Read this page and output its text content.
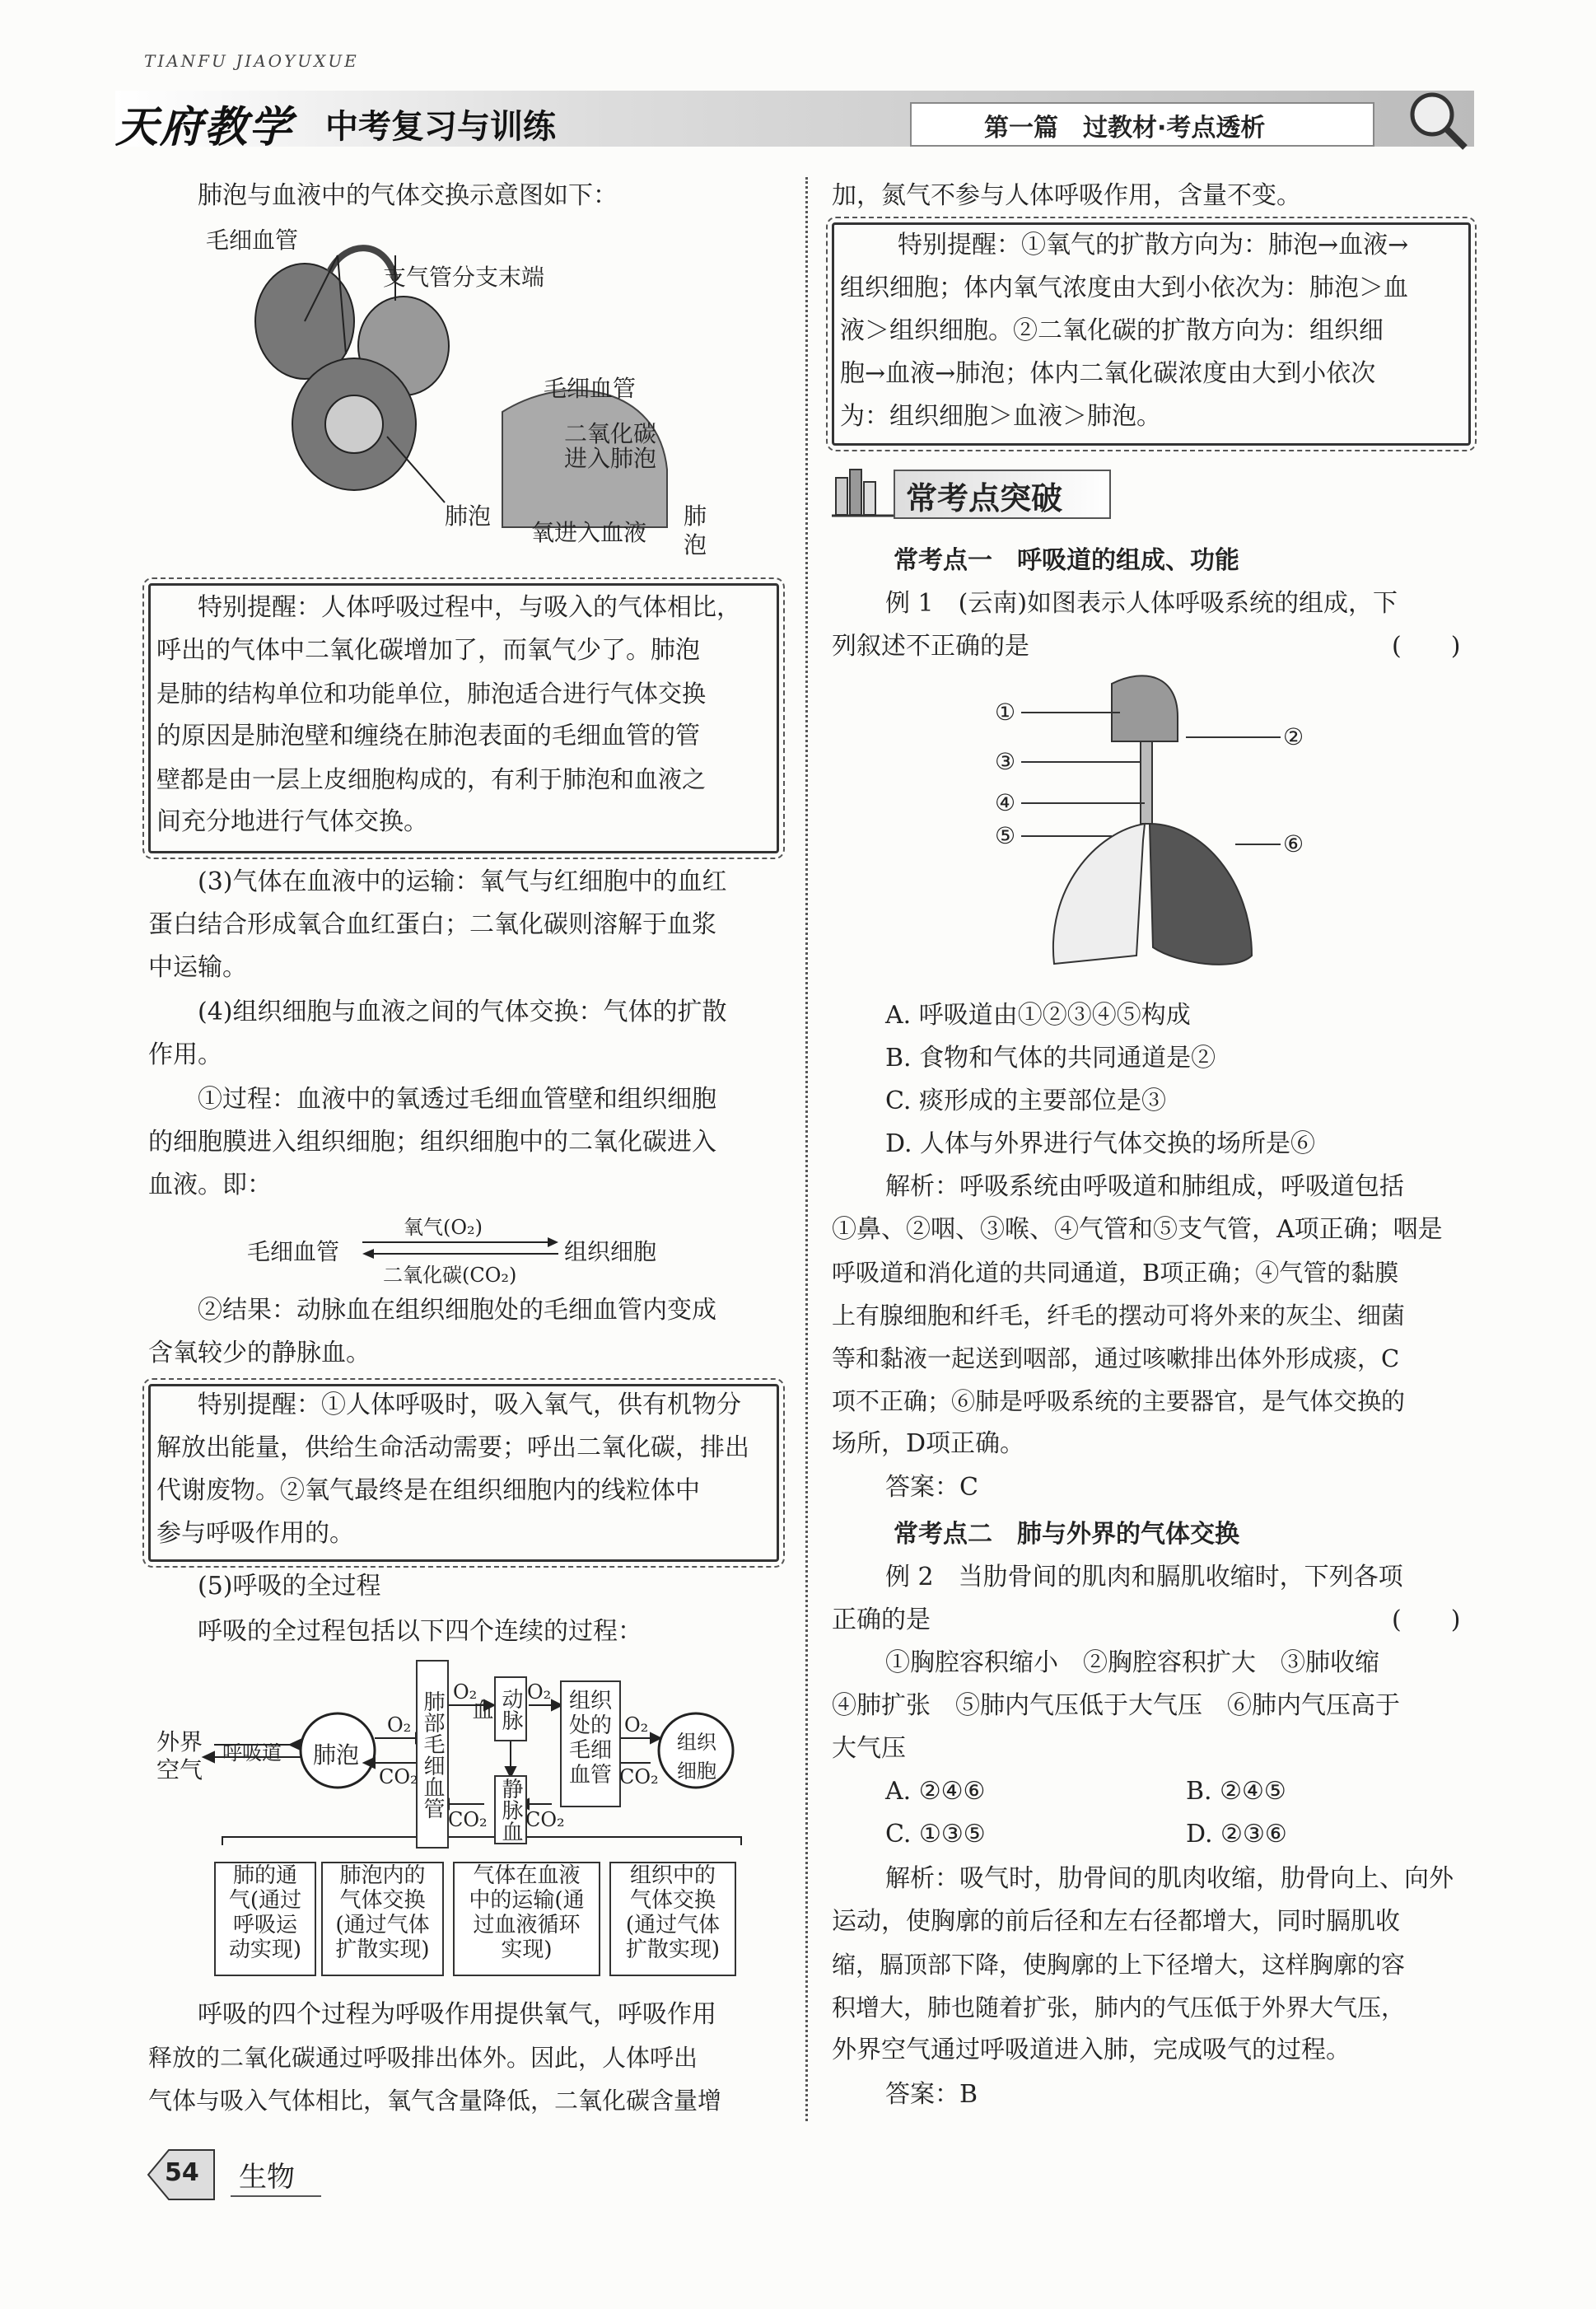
TIANFU JIAOYUXUE
天府教学 中考复习与训练	第一篇　过教材·考点透析
肺泡与血液中的气体交换示意图如下：
毛细血管
支气管分支末端
毛细血管
二氧化碳
进入肺泡
肺泡
氧进入血液
肺
泡
特别提醒：人体呼吸过程中，与吸入的气体相比，
呼出的气体中二氧化碳增加了，而氧气少了。肺泡
是肺的结构单位和功能单位，肺泡适合进行气体交换
的原因是肺泡壁和缠绕在肺泡表面的毛细血管的管
壁都是由一层上皮细胞构成的，有利于肺泡和血液之
间充分地进行气体交换。
(3)气体在血液中的运输：氧气与红细胞中的血红
蛋白结合形成氧合血红蛋白；二氧化碳则溶解于血浆
中运输。
(4)组织细胞与血液之间的气体交换：气体的扩散
作用。
①过程：血液中的氧透过毛细血管壁和组织细胞
的细胞膜进入组织细胞；组织细胞中的二氧化碳进入
血液。即：
毛细血管
氧气(O₂)
二氧化碳(CO₂)
组织细胞
②结果：动脉血在组织细胞处的毛细血管内变成
含氧较少的静脉血。
特别提醒：①人体呼吸时，吸入氧气，供有机物分
解放出能量，供给生命活动需要；呼出二氧化碳，排出
代谢废物。②氧气最终是在组织细胞内的线粒体中
参与呼吸作用的。
(5)呼吸的全过程
呼吸的全过程包括以下四个连续的过程：
外界
空气
呼吸道 肺泡	肺部毛细血管	动脉血
静脉血
组织处的毛细血管
组织细胞
O₂
CO₂
O₂	O₂
CO₂ CO₂
O₂
CO₂
肺的通
气(通过
呼吸运
动实现)
肺泡内的
气体交换
(通过气体
扩散实现)
气体在血液
中的运输(通
过血液循环
实现)
组织中的
气体交换
(通过气体
扩散实现)
呼吸的四个过程为呼吸作用提供氧气，呼吸作用
释放的二氧化碳通过呼吸排出体外。因此，人体呼出
气体与吸入气体相比，氧气含量降低，二氧化碳含量增
加，氮气不参与人体呼吸作用，含量不变。
特别提醒：①氧气的扩散方向为：肺泡→血液→
组织细胞；体内氧气浓度由大到小依次为：肺泡＞血
液＞组织细胞。②二氧化碳的扩散方向为：组织细
胞→血液→肺泡；体内二氧化碳浓度由大到小依次
为：组织细胞＞血液＞肺泡。
常考点突破
常考点一　呼吸道的组成、功能
例 1　(云南)如图表示人体呼吸系统的组成，下
列叙述不正确的是	(　　)
①
②
③
④
⑤	⑥
A. 呼吸道由①②③④⑤构成
B. 食物和气体的共同通道是②
C. 痰形成的主要部位是③
D. 人体与外界进行气体交换的场所是⑥
解析：呼吸系统由呼吸道和肺组成，呼吸道包括
①鼻、②咽、③喉、④气管和⑤支气管，A项正确；咽是
呼吸道和消化道的共同通道，B项正确；④气管的黏膜
上有腺细胞和纤毛，纤毛的摆动可将外来的灰尘、细菌
等和黏液一起送到咽部，通过咳嗽排出体外形成痰，C
项不正确；⑥肺是呼吸系统的主要器官，是气体交换的
场所，D项正确。
答案：C
常考点二　肺与外界的气体交换
例 2　当肋骨间的肌肉和膈肌收缩时，下列各项
正确的是	(　　)
①胸腔容积缩小　②胸腔容积扩大　③肺收缩
④肺扩张　⑤肺内气压低于大气压　⑥肺内气压高于
大气压
A. ②④⑥	B. ②④⑤
C. ①③⑤	D. ②③⑥
解析：吸气时，肋骨间的肌肉收缩，肋骨向上、向外
运动，使胸廓的前后径和左右径都增大，同时膈肌收
缩，膈顶部下降，使胸廓的上下径增大，这样胸廓的容
积增大，肺也随着扩张，肺内的气压低于外界大气压，
外界空气通过呼吸道进入肺，完成吸气的过程。
答案：B
54 生物
